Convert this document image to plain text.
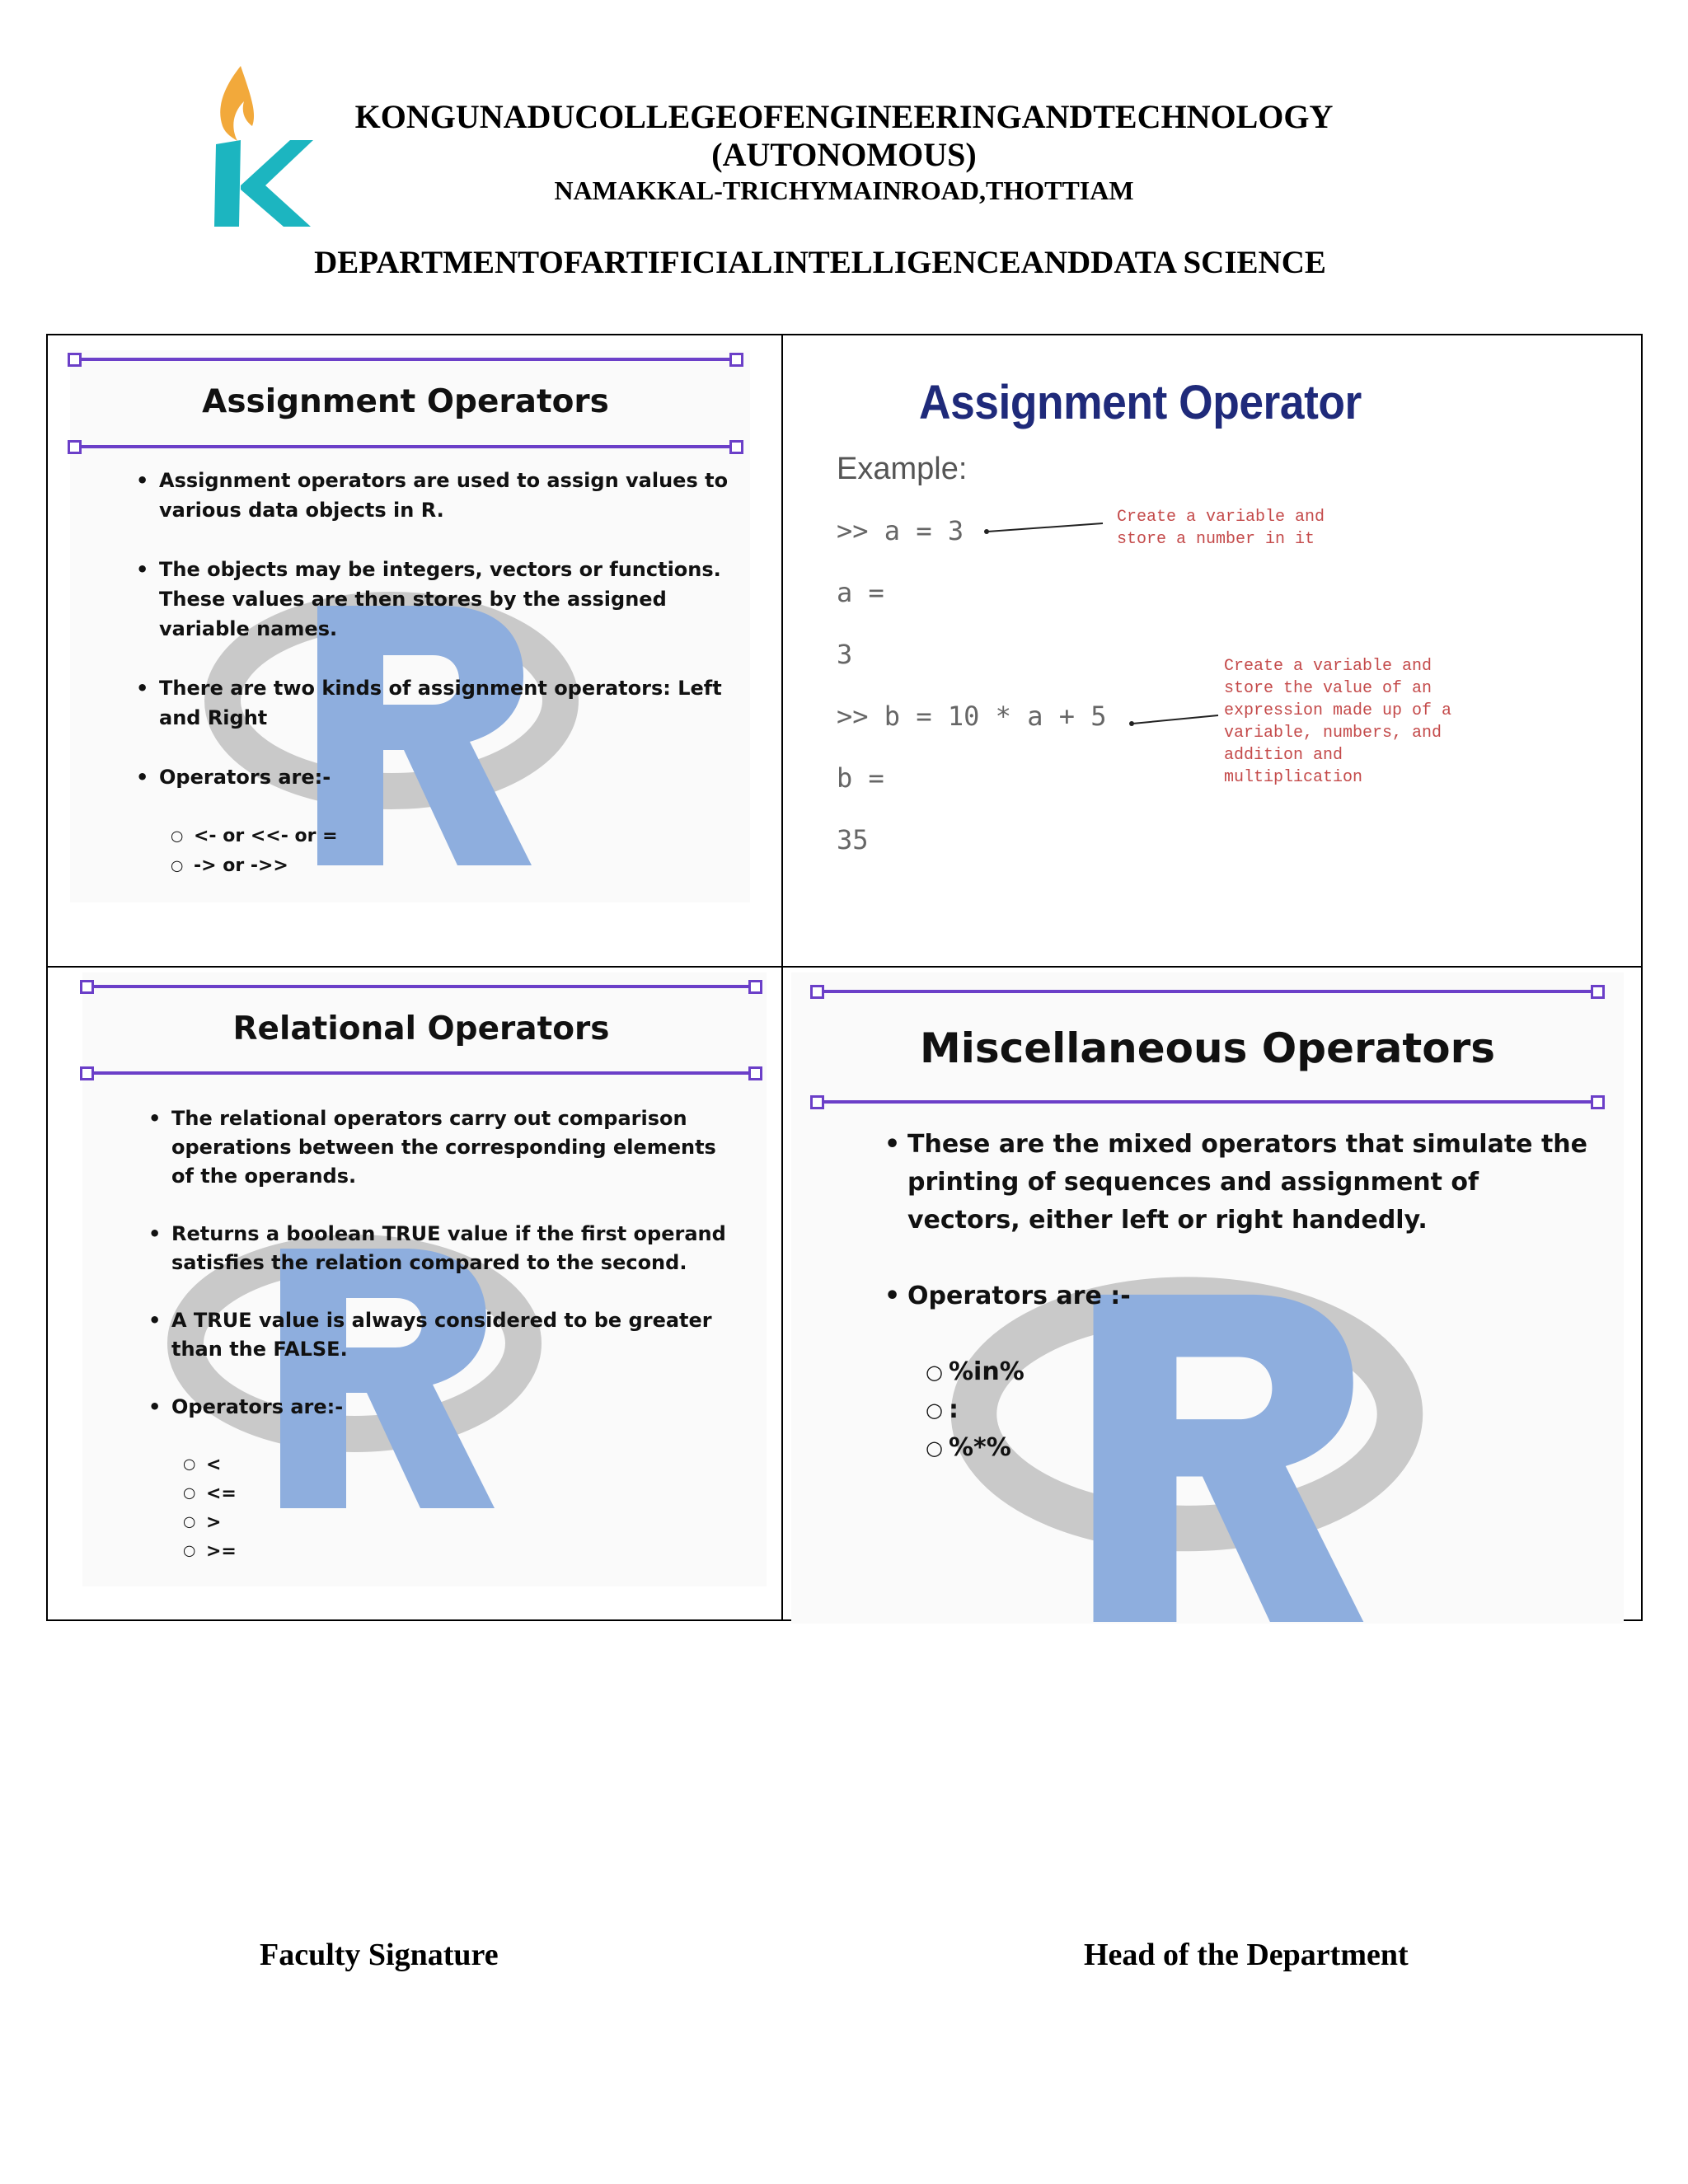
KONGUNADUCOLLEGEOFENGINEERINGANDTECHNOLOGY
(AUTONOMOUS)
NAMAKKAL-TRICHYMAINROAD,THOTTIAM
DEPARTMENTOFARTIFICIALINTELLIGENCEANDDATA SCIENCE
Assignment Operators
• Assignment operators are used to assign values to various data objects in R.
• The objects may be integers, vectors or functions. These values are then stores by the assigned variable names.
• There are two kinds of assignment operators: Left and Right
• Operators are:-
○ <- or <<- or =
○ -> or ->>
Assignment Operator
Example:
>> a = 3
a =
3
>> b = 10 * a + 5
b =
35
Create a variable and
store a number in it
Create a variable and
store the value of an
expression made up of a
variable, numbers, and
addition and
multiplication
Relational Operators
• The relational operators carry out comparison operations between the corresponding elements of the operands.
• Returns a boolean TRUE value if the first operand satisfies the relation compared to the second.
• A TRUE value is always considered to be greater than the FALSE.
• Operators are:-
○ <
○ <=
○ >
○ >=
Miscellaneous Operators
• These are the mixed operators that simulate the printing of sequences and assignment of vectors, either left or right handedly.
• Operators are :-
○ %in%
○ :
○ %*%
Faculty Signature	Head of the Department
